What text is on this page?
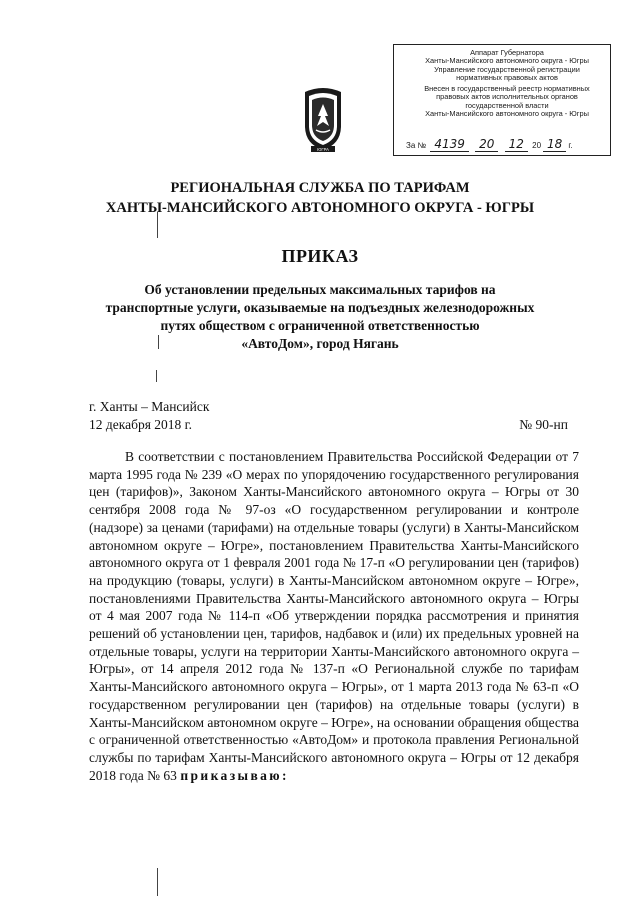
Аппарат Губернатора
Ханты-Мансийского автономного округа - Югры
Управление государственной регистрации
нормативных правовых актов
Внесен в государственный реестр нормативных
правовых актов исполнительных органов
государственной власти
Ханты-Мансийского автономного округа - Югры
За № 4139 20 12 20 18 г.
ЮГРА
РЕГИОНАЛЬНАЯ СЛУЖБА ПО ТАРИФАМ
ХАНТЫ-МАНСИЙСКОГО АВТОНОМНОГО ОКРУГА - ЮГРЫ
ПРИКАЗ
Об установлении предельных максимальных тарифов на
транспортные услуги, оказываемые на подъездных железнодорожных
путях обществом с ограниченной ответственностью
«АвтоДом», город Нягань
г. Ханты – Мансийск
12 декабря 2018 г.	№ 90-нп
В соответствии с постановлением Правительства Российской Федерации от 7 марта 1995 года № 239 «О мерах по упорядочению государственного регулирования цен (тарифов)», Законом Ханты-Мансийского автономного округа – Югры от 30 сентября 2008 года № 97-оз «О государственном регулировании и контроле (надзоре) за ценами (тарифами) на отдельные товары (услуги) в Ханты-Мансийском автономном округе – Югре», постановлением Правительства Ханты-Мансийского автономного округа от 1 февраля 2001 года № 17-п «О регулировании цен (тарифов) на продукцию (товары, услуги) в Ханты-Мансийском автономном округе – Югре», постановлениями Правительства Ханты-Мансийского автономного округа – Югры от 4 мая 2007 года № 114-п «Об утверждении порядка рассмотрения и принятия решений об установлении цен, тарифов, надбавок и (или) их предельных уровней на отдельные товары, услуги на территории Ханты-Мансийского автономного округа – Югры», от 14 апреля 2012 года № 137-п «О Региональной службе по тарифам Ханты-Мансийского автономного округа – Югры», от 1 марта 2013 года № 63-п «О государственном регулировании цен (тарифов) на отдельные товары (услуги) в Ханты-Мансийском автономном округе – Югре», на основании обращения общества с ограниченной ответственностью «АвтоДом» и протокола правления Региональной службы по тарифам Ханты-Мансийского автономного округа – Югры от 12 декабря 2018 года № 63 приказываю:
